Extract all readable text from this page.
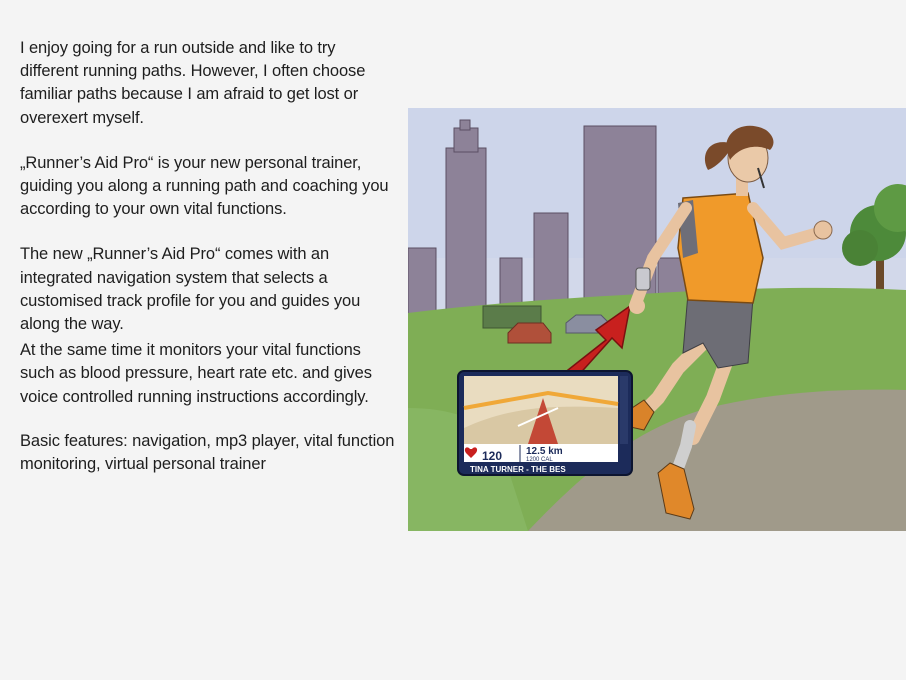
I enjoy going for a run outside and like to try different running paths. However, I often choose familiar paths because I am afraid to get lost or overexert myself.

„Runner’s Aid Pro“ is your new personal trainer, guiding you along a running path and coaching you according to your own vital functions.

The new „Runner’s Aid Pro“ comes with an integrated navigation system that selects a customised track profile for you and guides you along the way.

At the same time it monitors your vital functions such as blood pressure, heart rate etc. and gives voice controlled running instructions accordingly.

Basic features: navigation, mp3 player, vital function monitoring, virtual personal trainer	120 12.5 km
1200 CAL
TINA TURNER - THE BES
